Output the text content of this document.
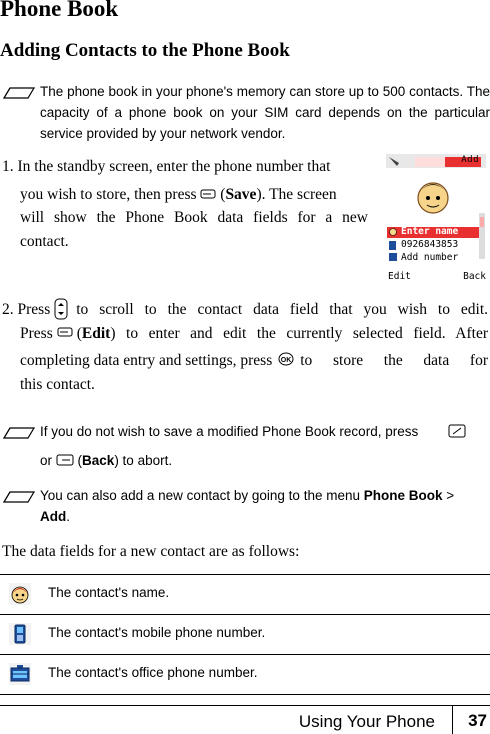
Phone Book
Adding Contacts to the Phone Book
The phone book in your phone's memory can store up to 500 contacts. The capacity of a phone book on your SIM card depends on the particular service provided by your network vendor.
1. In the standby screen, enter the phone number that
you wish to store, then press  (Save). The screen
will show the Phone Book data fields for a new
contact.
Add
Enter name
0926843853
Add number
Edit	Back
2. Press to scroll to the contact data field that you wish to edit.
Press ( Edit ) to enter and edit the currently selected field. After
completing data entry and settings, press OK to store the data for
this contact.
If you do not wish to save a modified Phone Book record, press
or  (Back) to abort.
You can also add a new contact by going to the menu Phone Book >
Add.
The data fields for a new contact are as follows:
The contact's name.
The contact's mobile phone number.
The contact's office phone number.
Using Your Phone 37
